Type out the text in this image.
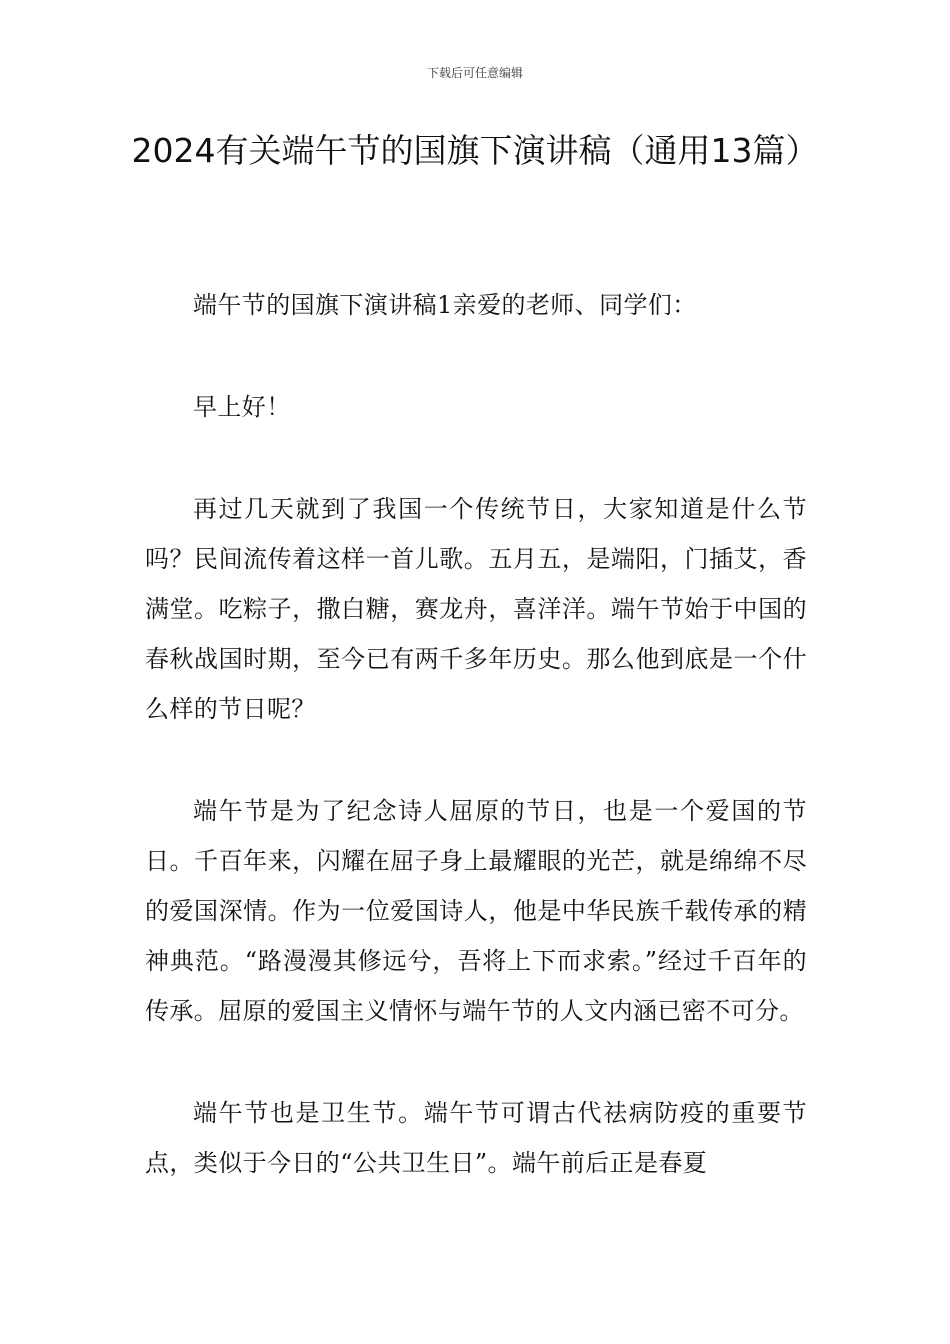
下载后可任意编辑
2024有关端午节的国旗下演讲稿（通用13篇）

端午节的国旗下演讲稿1亲爱的老师、同学们：

早上好！

再过几天就到了我国一个传统节日，大家知道是什么节吗？民间流传着这样一首儿歌。五月五，是端阳，门插艾，香满堂。吃粽子，撒白糖，赛龙舟，喜洋洋。端午节始于中国的春秋战国时期，至今已有两千多年历史。那么他到底是一个什么样的节日呢？

端午节是为了纪念诗人屈原的节日，也是一个爱国的节日。千百年来，闪耀在屈子身上最耀眼的光芒，就是绵绵不尽的爱国深情。作为一位爱国诗人，他是中华民族千载传承的精神典范。“路漫漫其修远兮，吾将上下而求索。”经过千百年的传承。屈原的爱国主义情怀与端午节的人文内涵已密不可分。

端午节也是卫生节。端午节可谓古代祛病防疫的重要节点，类似于今日的“公共卫生日”。端午前后正是春夏
